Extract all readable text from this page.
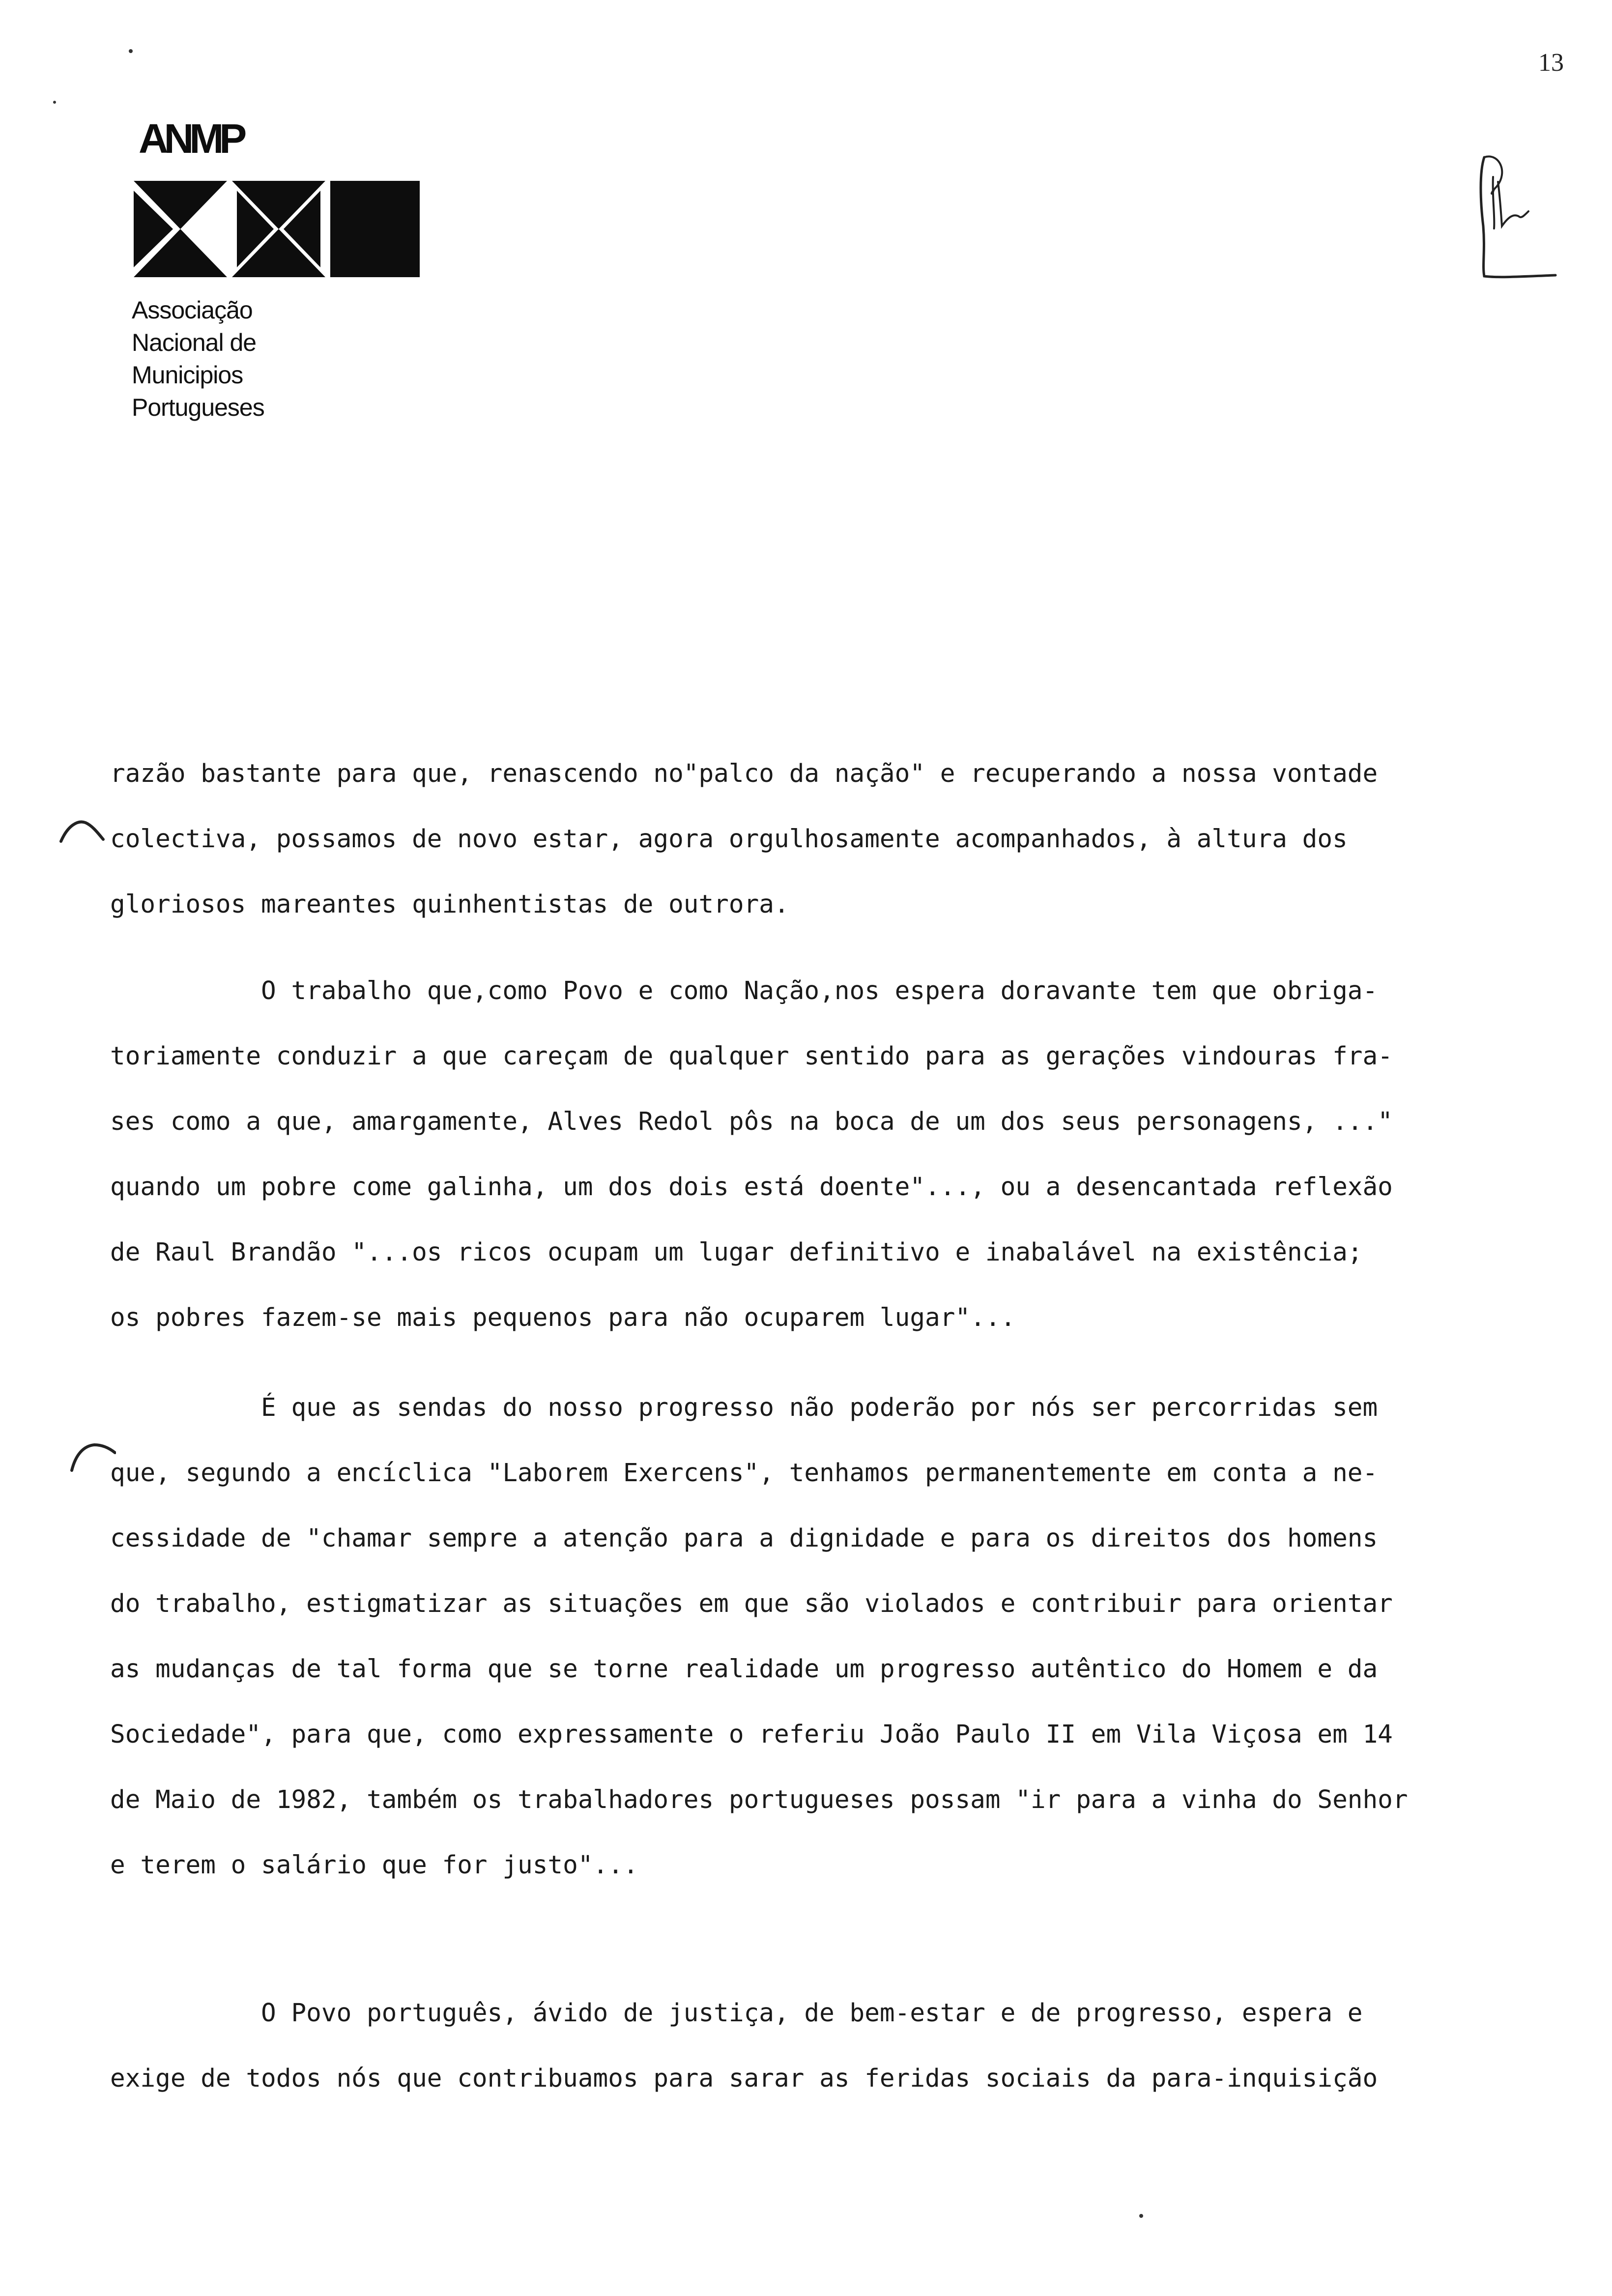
13
ANMP
Associação
Nacional de
Municipios
Portugueses
razão bastante para que, renascendo no"palco da nação" e recuperando a nossa vontade
colectiva, possamos de novo estar, agora orgulhosamente acompanhados, à altura dos
gloriosos mareantes quinhentistas de outrora.
O trabalho que,como Povo e como Nação,nos espera doravante tem que obriga-
toriamente conduzir a que careçam de qualquer sentido para as gerações vindouras fra-
ses como a que, amargamente, Alves Redol pôs na boca de um dos seus personagens, ..."
quando um pobre come galinha, um dos dois está doente"..., ou a desencantada reflexão
de Raul Brandão "...os ricos ocupam um lugar definitivo e inabalável na existência;
os pobres fazem-se mais pequenos para não ocuparem lugar"...
É que as sendas do nosso progresso não poderão por nós ser percorridas sem
que, segundo a encíclica "Laborem Exercens", tenhamos permanentemente em conta a ne-
cessidade de "chamar sempre a atenção para a dignidade e para os direitos dos homens
do trabalho, estigmatizar as situações em que são violados e contribuir para orientar
as mudanças de tal forma que se torne realidade um progresso autêntico do Homem e da
Sociedade", para que, como expressamente o referiu João Paulo II em Vila Viçosa em 14
de Maio de 1982, também os trabalhadores portugueses possam "ir para a vinha do Senhor
e terem o salário que for justo"...
O Povo português, ávido de justiça, de bem-estar e de progresso, espera e
exige de todos nós que contribuamos para sarar as feridas sociais da para-inquisição
